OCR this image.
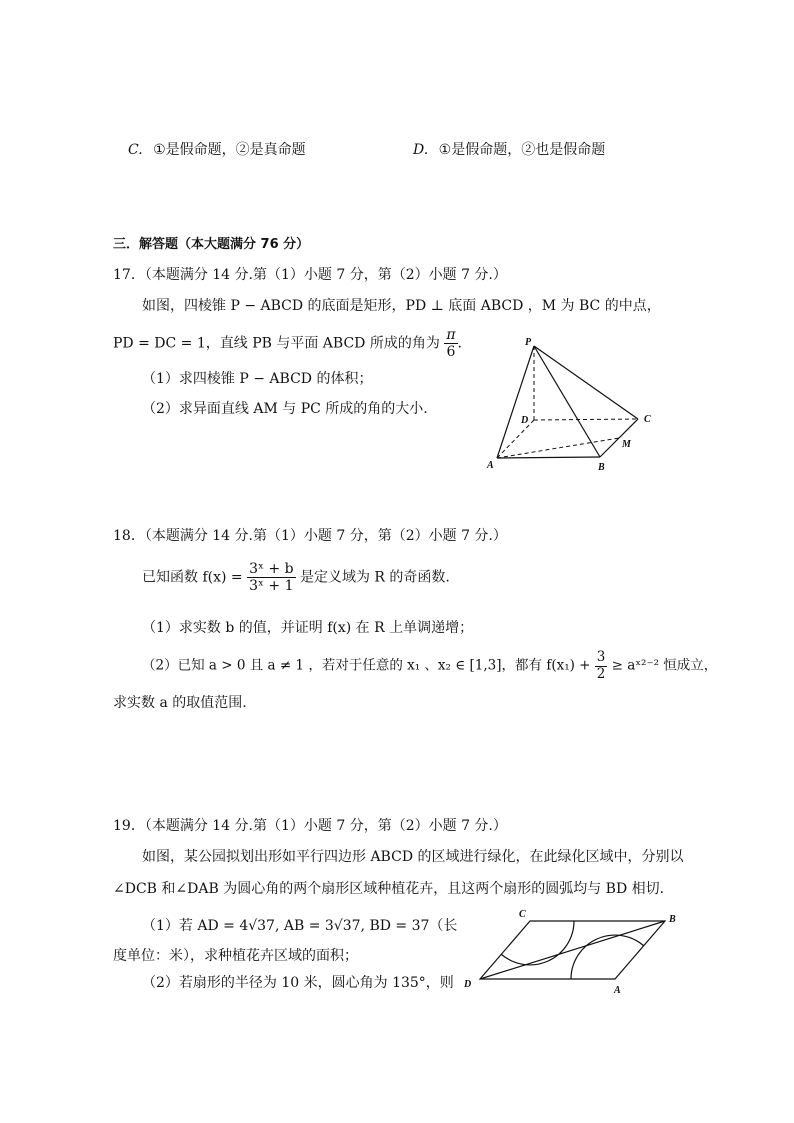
C. ①是假命题，②是真命题	D. ①是假命题，②也是假命题
三．解答题（本大题满分 76 分）
17．（本题满分 14 分.第（1）小题 7 分，第（2）小题 7 分.）
如图，四棱锥 P − ABCD 的底面是矩形，PD ⊥ 底面 ABCD ，M 为 BC 的中点，
PD = DC = 1，直线 PB 与平面 ABCD 所成的角为 $\frac{\pi}{6}$ .
（1）求四棱锥 P − ABCD 的体积；
（2）求异面直线 AM 与 PC 所成的角的大小.
P
D	C
M
A	B
18．（本题满分 14 分.第（1）小题 7 分，第（2）小题 7 分.）
已知函数 $f(x) = \frac{\text{3ˣ + b}}{\text{3ˣ + 1}}$ 是定义域为 R 的奇函数.
（1）求实数 b 的值，并证明 f(x) 在 R 上单调递增；
（2）已知 a > 0 且 a ≠ 1 ，若对于任意的 x₁ 、x₂ ∈ [1,3]，都有 $f(x_1) + \frac{3}{2}$ ≥ aˣ²⁻² 恒成立，
求实数 a 的取值范围.
19．（本题满分 14 分.第（1）小题 7 分，第（2）小题 7 分.）
如图，某公园拟划出形如平行四边形 ABCD 的区域进行绿化，在此绿化区域中，分别以
∠DCB 和∠DAB 为圆心角的两个扇形区域种植花卉，且这两个扇形的圆弧均与 BD 相切.
（1）若 AD = 4√37, AB = 3√37, BD = 37（长
度单位：米），求种植花卉区域的面积；
（2）若扇形的半径为 10 米，圆心角为 135°，则
C	B
D
A
